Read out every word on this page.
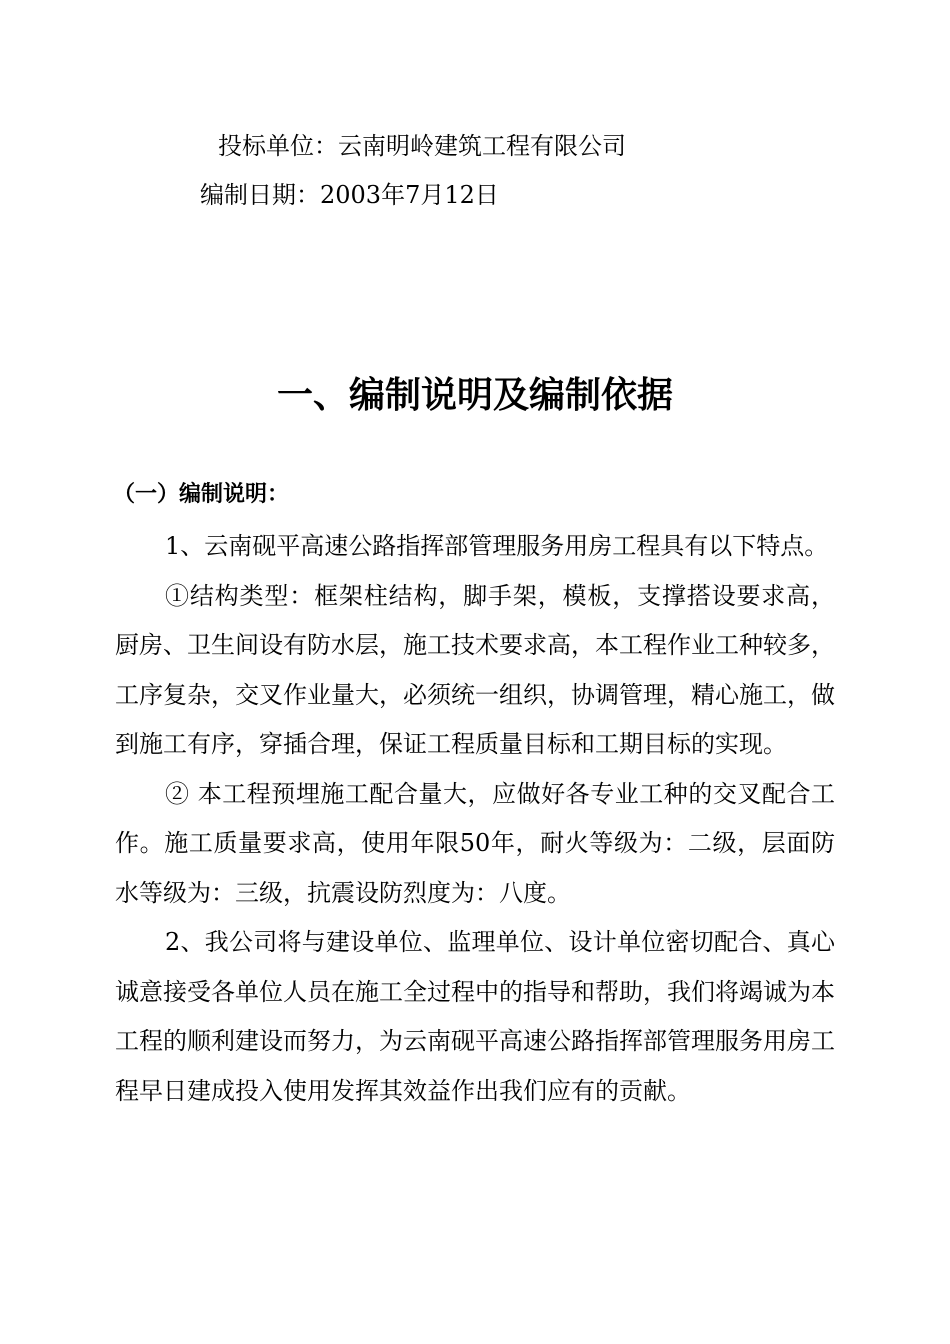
投标单位：云南明岭建筑工程有限公司
编制日期：2003年7月12日
一、编制说明及编制依据
（一）编制说明：

1、云南砚平高速公路指挥部管理服务用房工程具有以下特点。

①结构类型：框架柱结构，脚手架，模板，支撑搭设要求高，厨房、卫生间设有防水层，施工技术要求高，本工程作业工种较多，工序复杂，交叉作业量大，必须统一组织，协调管理，精心施工，做到施工有序，穿插合理，保证工程质量目标和工期目标的实现。

② 本工程预埋施工配合量大，应做好各专业工种的交叉配合工作。施工质量要求高，使用年限50年，耐火等级为：二级，层面防水等级为：三级，抗震设防烈度为：八度。

2、我公司将与建设单位、监理单位、设计单位密切配合、真心诚意接受各单位人员在施工全过程中的指导和帮助，我们将竭诚为本工程的顺利建设而努力，为云南砚平高速公路指挥部管理服务用房工程早日建成投入使用发挥其效益作出我们应有的贡献。
